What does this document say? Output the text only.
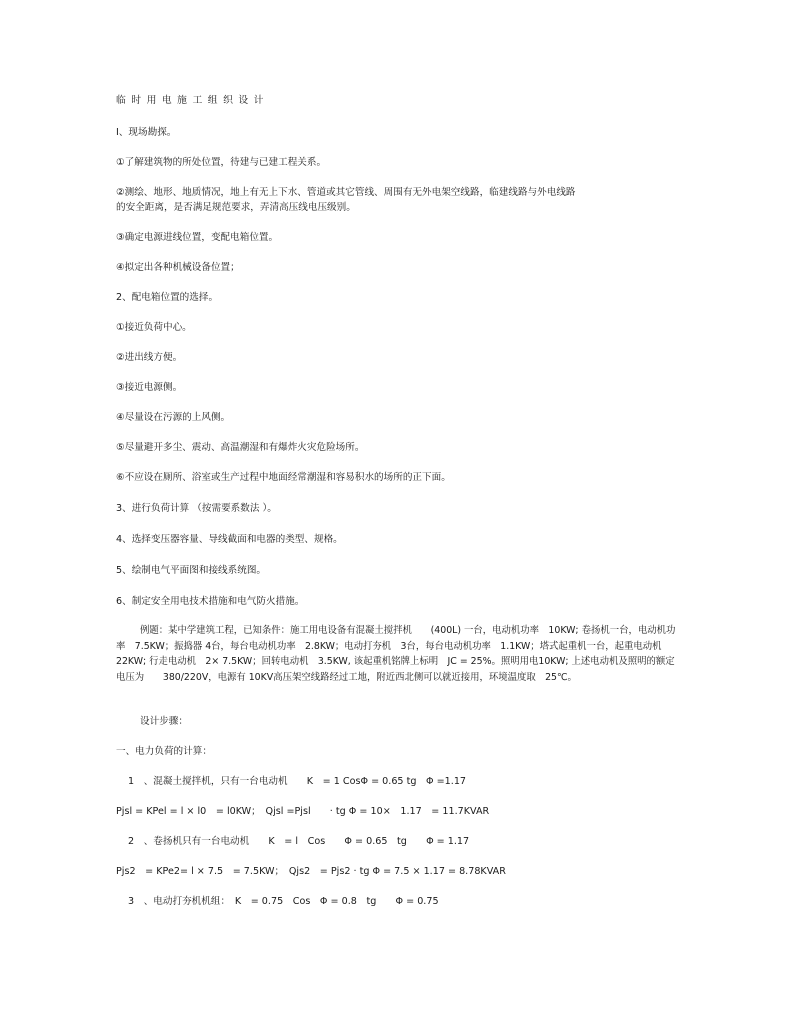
临时用电施工组织设计
Ⅰ、现场勘探。
①了解建筑物的所处位置，待建与已建工程关系。
②测绘、地形、地质情况，地上有无上下水、管道或其它管线、周围有无外电架空线路，临建线路与外电线路
的安全距离，是否满足规范要求，弄清高压线电压级别。
③确定电源进线位置，变配电箱位置。
④拟定出各种机械设备位置；
2、配电箱位置的选择。
①接近负荷中心。
②进出线方便。
③接近电源侧。
④尽量设在污源的上风侧。
⑤尽量避开多尘、震动、高温潮湿和有爆炸火灾危险场所。
⑥不应设在厕所、浴室或生产过程中地面经常潮湿和容易积水的场所的正下面。
3、进行负荷计算 （按需要系数法 ）。
4、选择变压器容量、导线截面和电器的类型、规格。
5、绘制电气平面图和接线系统图。
6、制定安全用电技术措施和电气防火措施。
例题：某中学建筑工程，已知条件：施工用电设备有混凝土搅拌机　　(400L) 一台，电动机功率　10KW; 卷扬机一台，电动机功率　7.5KW；振捣器 4台，每台电动机功率　2.8KW；电动打夯机　3台，每台电动机功率　1.1KW；塔式起重机一台，起重电动机　22KW; 行走电动机　2× 7.5KW；回转电动机　3.5KW, 该起重机铭牌上标明　JC = 25%。照明用电10KW; 上述电动机及照明的额定电压为　　380/220V，电源有 10KV高压架空线路经过工地，附近西北侧可以就近接用，环境温度取　25℃。
设计步骤：
一、电力负荷的计算：
1　、混凝土搅拌机，只有一台电动机　　K　= 1 CosΦ = 0.65 tg　Φ =1.17
Pjsl = KPel = l × l0　= l0KW；　Qjsl =Pjsl　　· tg Φ = 10×　1.17　= 11.7KVAR
2　、卷扬机只有一台电动机　　K　= l　Cos　　Φ = 0.65　tg　　Φ = 1.17
Pjs2　= KPe2= l × 7.5　= 7.5KW；　Qjs2　= Pjs2 · tg Φ = 7.5 × 1.17 = 8.78KVAR
3　、电动打夯机机组：　K　= 0.75　Cos　Φ = 0.8　tg　　Φ = 0.75
